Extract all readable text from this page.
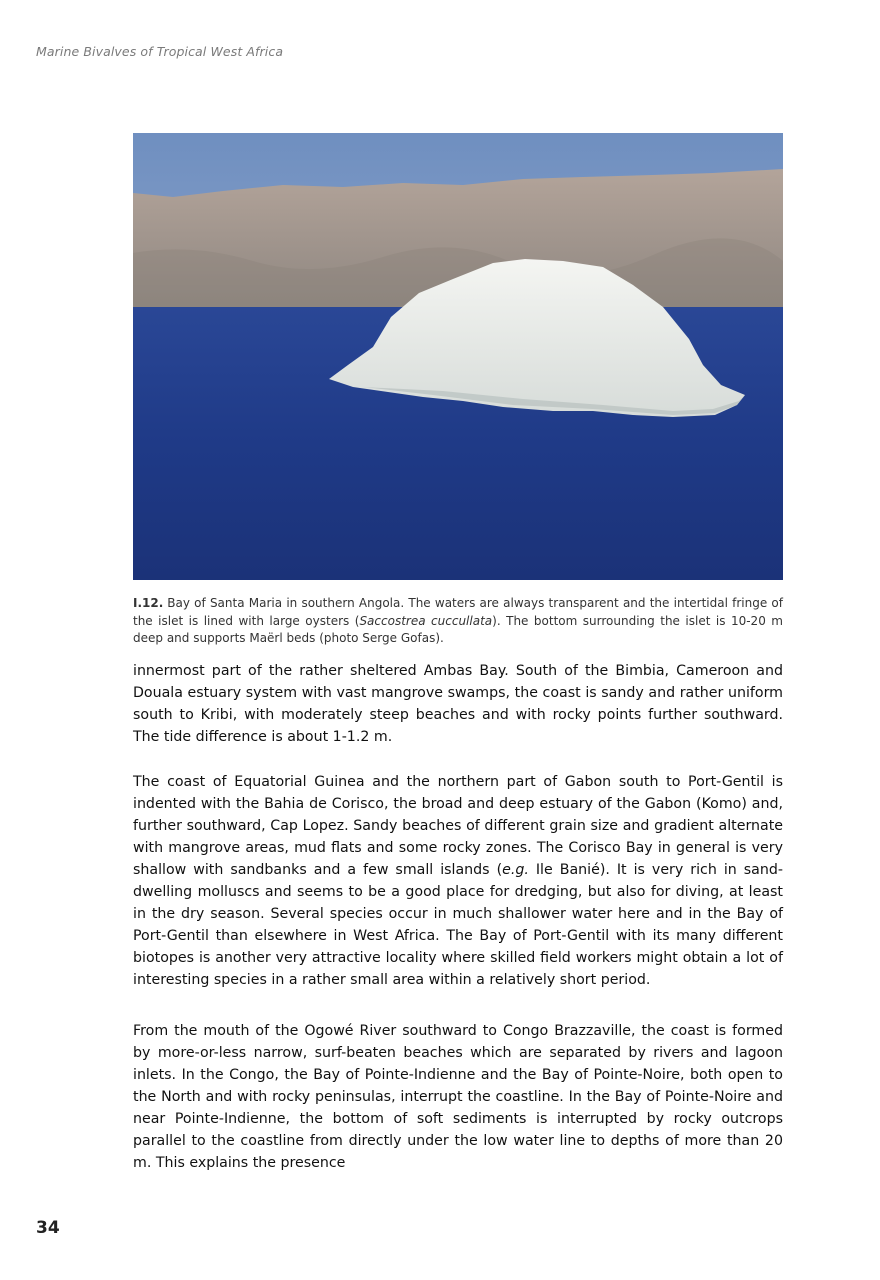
Marine Bivalves of Tropical West Africa
I.12. Bay of Santa Maria in southern Angola. The waters are always transparent and the intertidal fringe of the islet is lined with large oysters (Saccostrea cuccullata). The bottom surrounding the islet is 10-20 m deep and supports Maërl beds (photo Serge Gofas).

innermost part of the rather sheltered Ambas Bay. South of the Bimbia, Cameroon and Douala estuary system with vast mangrove swamps, the coast is sandy and rather uniform south to Kribi, with moderately steep beaches and with rocky points further southward. The tide difference is about 1-1.2 m.

The coast of Equatorial Guinea and the northern part of Gabon south to Port-Gentil is indented with the Bahia de Corisco, the broad and deep estuary of the Gabon (Komo) and, further southward, Cap Lopez. Sandy beaches of different grain size and gradient alternate with mangrove areas, mud flats and some rocky zones. The Corisco Bay in general is very shallow with sandbanks and a few small islands (e.g. Ile Banié). It is very rich in sand-dwelling molluscs and seems to be a good place for dredging, but also for diving, at least in the dry season. Several species occur in much shallower water here and in the Bay of Port-Gentil than elsewhere in West Africa. The Bay of Port-Gentil with its many different biotopes is another very attractive locality where skilled field workers might obtain a lot of interesting species in a rather small area within a relatively short period.

From the mouth of the Ogowé River southward to Congo Brazzaville, the coast is formed by more-or-less narrow, surf-beaten beaches which are separated by rivers and lagoon inlets. In the Congo, the Bay of Pointe-Indienne and the Bay of Pointe-Noire, both open to the North and with rocky peninsulas, interrupt the coastline. In the Bay of Pointe-Noire and near Pointe-Indienne, the bottom of soft sediments is interrupted by rocky outcrops parallel to the coastline from directly under the low water line to depths of more than 20 m. This explains the presence

34
